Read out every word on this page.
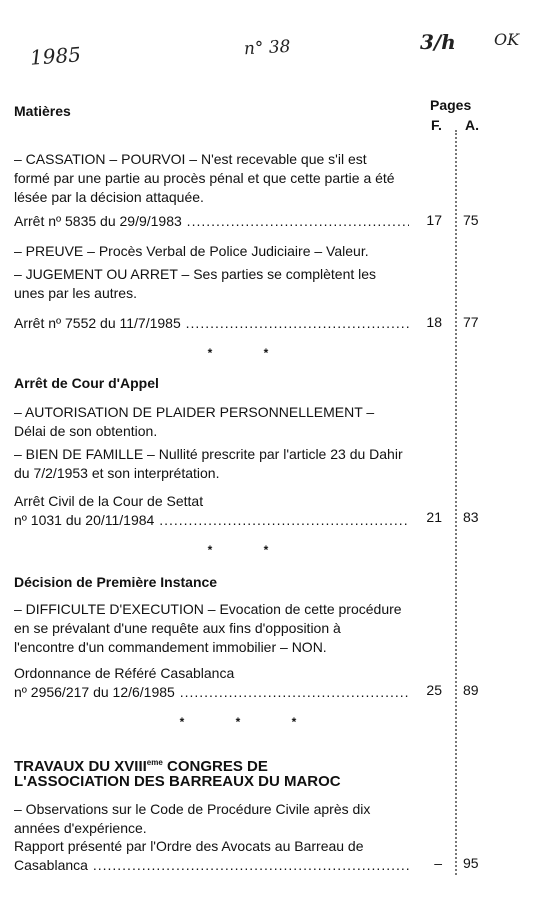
1985	n° 38	3/h OK
Matières	Pages
F. A.
– CASSATION – POURVOI – N'est recevable que s'il est formé par une partie au procès pénal et que cette partie a été lésée par la décision attaquée.
Arrêt nº 5835 du 29/9/1983 .....	17 75
– PREUVE – Procès Verbal de Police Judiciaire – Valeur.
– JUGEMENT OU ARRET – Ses parties se complètent les unes par les autres.
Arrêt nº 7552 du 11/7/1985 .....	18 77
* *
Arrêt de Cour d'Appel
– AUTORISATION DE PLAIDER PERSONNELLEMENT – Délai de son obtention.
– BIEN DE FAMILLE – Nullité prescrite par l'article 23 du Dahir du 7/2/1953 et son interprétation.
Arrêt Civil de la Cour de Settat
nº 1031 du 20/11/1984 .....	21 83
* *
Décision de Première Instance
– DIFFICULTE D'EXECUTION – Evocation de cette procédure en se prévalant d'une requête aux fins d'opposition à l'encontre d'un commandement immobilier – NON.
Ordonnance de Référé Casablanca
nº 2956/217 du 12/6/1985 .....	25 89
* * *
TRAVAUX DU XVIIIeme CONGRES DE
L'ASSOCIATION DES BARREAUX DU MAROC
– Observations sur le Code de Procédure Civile après dix années d'expérience.
Rapport présenté par l'Ordre des Avocats au Barreau de
Casablanca .....	– 95
